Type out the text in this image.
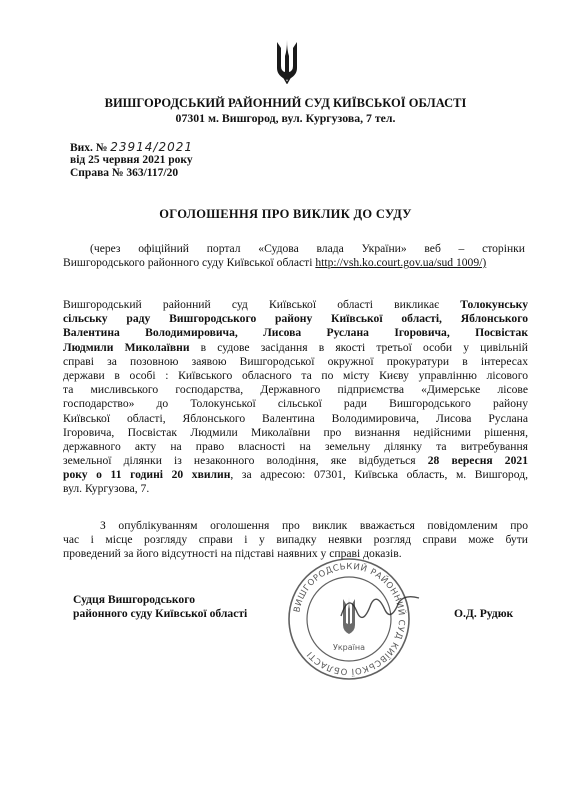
ВИШГОРОДСЬКИЙ РАЙОННИЙ СУД КИЇВСЬКОЇ ОБЛАСТІ
07301 м. Вишгород, вул. Кургузова, 7 тел.
Вих. № 23914/2021
від 25 червня 2021 року
Справа № 363/117/20
ОГОЛОШЕННЯ ПРО ВИКЛИК ДО СУДУ
(через офіційний портал «Судова влада України» веб – сторінки
Вишгородського районного суду Київської області http://vsh.ko.court.gov.ua/sud 1009/)
Вишгородський районний суд Київської області викликає Толокунську
сільську раду Вишгородського району Київської області, Яблонського
Валентина Володимировича, Лисова Руслана Ігоровича, Посвістак
Людмили Миколаївни в судове засідання в якості третьої особи у цивільній
справі за позовною заявою Вишгородської окружної прокуратури в інтересах
держави в особі : Київського обласного та по місту Києву управлінню лісового
та мисливського господарства, Державного підприємства «Димерське лісове
господарство» до Толокунської сільської ради Вишгородського району
Київської області, Яблонського Валентина Володимировича, Лисова Руслана
Ігоровича, Посвістак Людмили Миколаївни про визнання недійсними рішення,
державного акту на право власності на земельну ділянку та витребування
земельної ділянки із незаконного володіння, яке відбудеться 28 вересня 2021
року о 11 годині 20 хвилин, за адресою: 07301, Київська область, м. Вишгород,
вул. Кургузова, 7.
З опублікуванням оголошення про виклик вважається повідомленим про
час і місце розгляду справи і у випадку неявки розгляд справи може бути
проведений за його відсутності на підставі наявних у справі доказів.
Судця Вишгородського
районного суду Київської області	О.Д. Рудюк
ВИШГОРОДСЬКИЙ РАЙОННИЙ СУД КИЇВСЬКОЇ ОБЛАСТІ
Україна
